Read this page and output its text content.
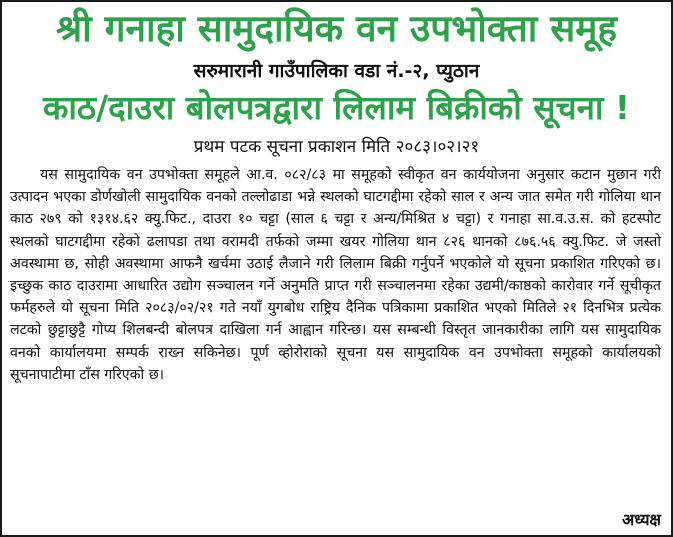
श्री गनाहा सामुदायिक वन उपभोक्ता समूह

सरुमारानी गाउँपालिका वडा नं.-२, प्युठान

काठ/दाउरा बोलपत्रद्वारा लिलाम बिक्रीको सूचना !

प्रथम पटक सूचना प्रकाशन मिति २०८३।०२।२१

यस सामुदायिक वन उपभोक्ता समूहले आ.व. ०८२/८३ मा समूहको स्वीकृत वन कार्ययोजना अनुसार कटान मुछान गरी उत्पादन भएका डोर्णखोली सामुदायिक वनको तल्लोढाडा भन्ने स्थलको घाटगद्दीमा रहेको साल र अन्य जात समेत गरी गोलिया थान काठ २७९ को १३१४.६२ क्यु.फिट., दाउरा १० चट्टा (साल ६ चट्टा र अन्य/मिश्रित ४ चट्टा) र गनाहा सा.व.उ.स. को हटस्पोट स्थलको घाटगद्दीमा रहेको ढलापडा तथा वरामदी तर्फको जम्मा खयर गोलिया थान ८२६ थानको ८७६.५६ क्यु.फिट. जे जस्तो अवस्थामा छ, सोही अवस्थामा आफनै खर्चमा उठाई लैजाने गरी लिलाम बिक्री गर्नुपर्ने भएकोले यो सूचना प्रकाशित गरिएको छ। इच्छुक काठ दाउरामा आधारित उद्योग सञ्चालन गर्ने अनुमति प्राप्त गरी सञ्चालनमा रहेका उद्यमी/काष्ठको कारोवार गर्ने सूचीकृत फर्महरुले यो सूचना मिति २०८३/०२/२१ गते नयाँ युगबोध राष्ट्रिय दैनिक पत्रिकामा प्रकाशित भएको मितिले २१ दिनभित्र प्रत्येक लटको छुट्टाछुट्टै गोप्य शिलबन्दी बोलपत्र दाखिला गर्न आह्वान गरिन्छ। यस सम्बन्धी विस्तृत जानकारीका लागि यस सामुदायिक वनको कार्यालयमा सम्पर्क राख्न सकिनेछ। पूर्ण व्होरोराको सूचना यस सामुदायिक वन उपभोक्ता समूहको कार्यालयको सूचनापाटीमा टाँस गरिएको छ।

अध्यक्ष
